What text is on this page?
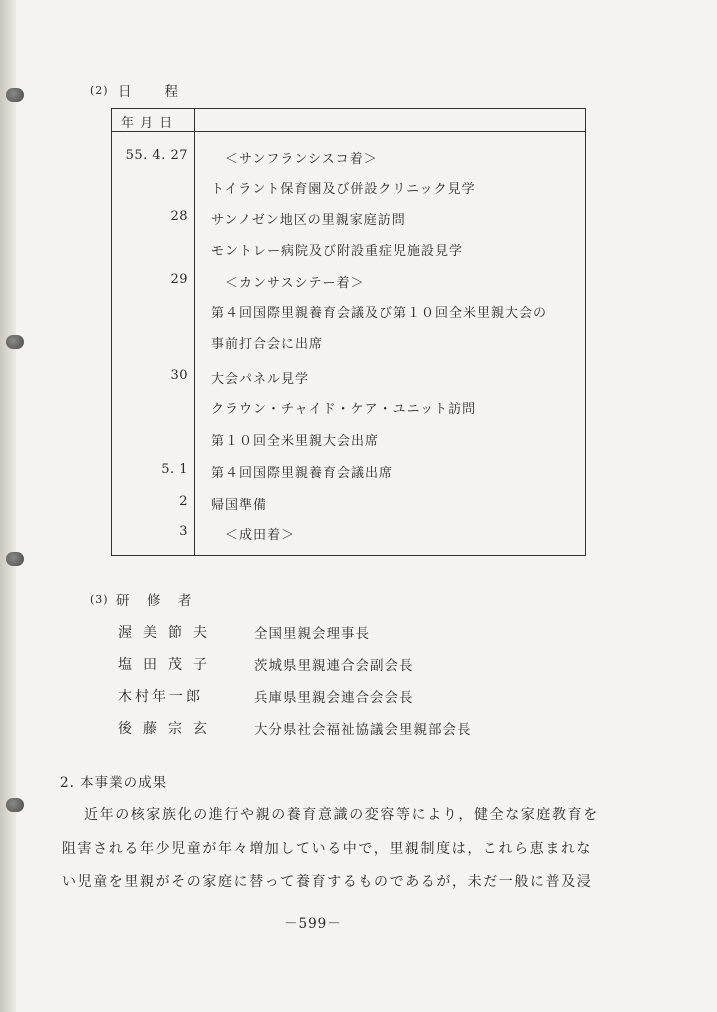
(2) 日　　程
年 月 日
55. 4. 27	＜サンフランシスコ着＞
トイラント保育園及び併設クリニック見学
28 サンノゼン地区の里親家庭訪問
モントレー病院及び附設重症児施設見学
29	＜カンサスシテー着＞
第４回国際里親養育会議及び第１０回全米里親大会の
事前打合会に出席
30 大会パネル見学
クラウン・チャイド・ケア・ユニット訪問
第１０回全米里親大会出席
5. 1 第４回国際里親養育会議出席
2 帰国準備
3	＜成田着＞
(3) 研　修　者
渥美節夫	全国里親会理事長
塩田茂子	茨城県里親連合会副会長
木村年一郎	兵庫県里親会連合会会長
後藤宗玄	大分県社会福祉協議会里親部会長
2. 本事業の成果
近年の核家族化の進行や親の養育意識の変容等により，健全な家庭教育を
阻害される年少児童が年々増加している中で，里親制度は，これら恵まれな
い児童を里親がその家庭に替って養育するものであるが，未だ一般に普及浸
－599－
